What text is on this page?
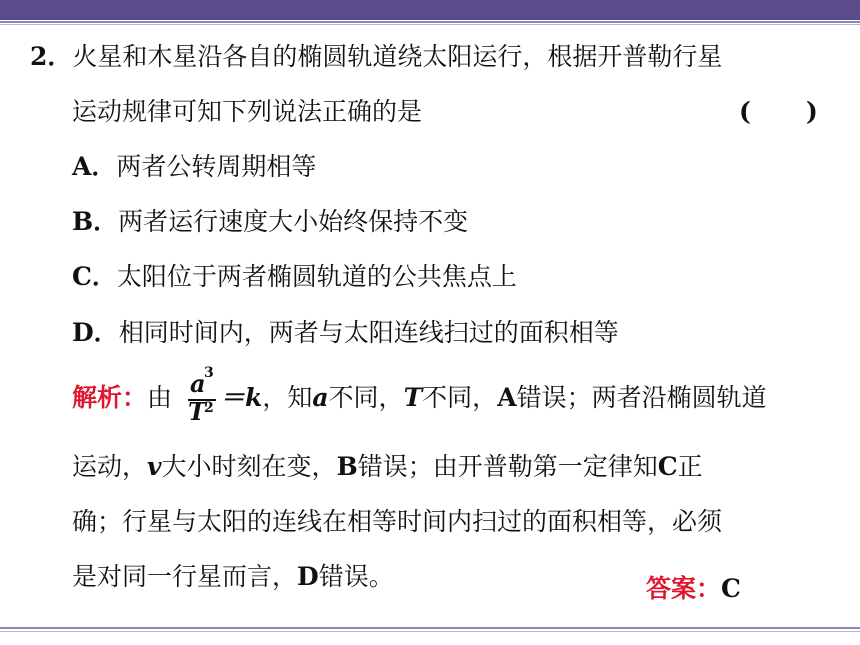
2．火星和木星沿各自的椭圆轨道绕太阳运行，根据开普勒行星
运动规律可知下列说法正确的是	( )
A．两者公转周期相等
B．两者运行速度大小始终保持不变
C．太阳位于两者椭圆轨道的公共焦点上
D．相同时间内，两者与太阳连线扫过的面积相等
解析：由 a
3
T
2 ＝k，知a不同，T不同，A错误；两者沿椭圆轨道
运动，v大小时刻在变，B错误；由开普勒第一定律知C正
确；行星与太阳的连线在相等时间内扫过的面积相等，必须
是对同一行星而言，D错误。	答案：C
